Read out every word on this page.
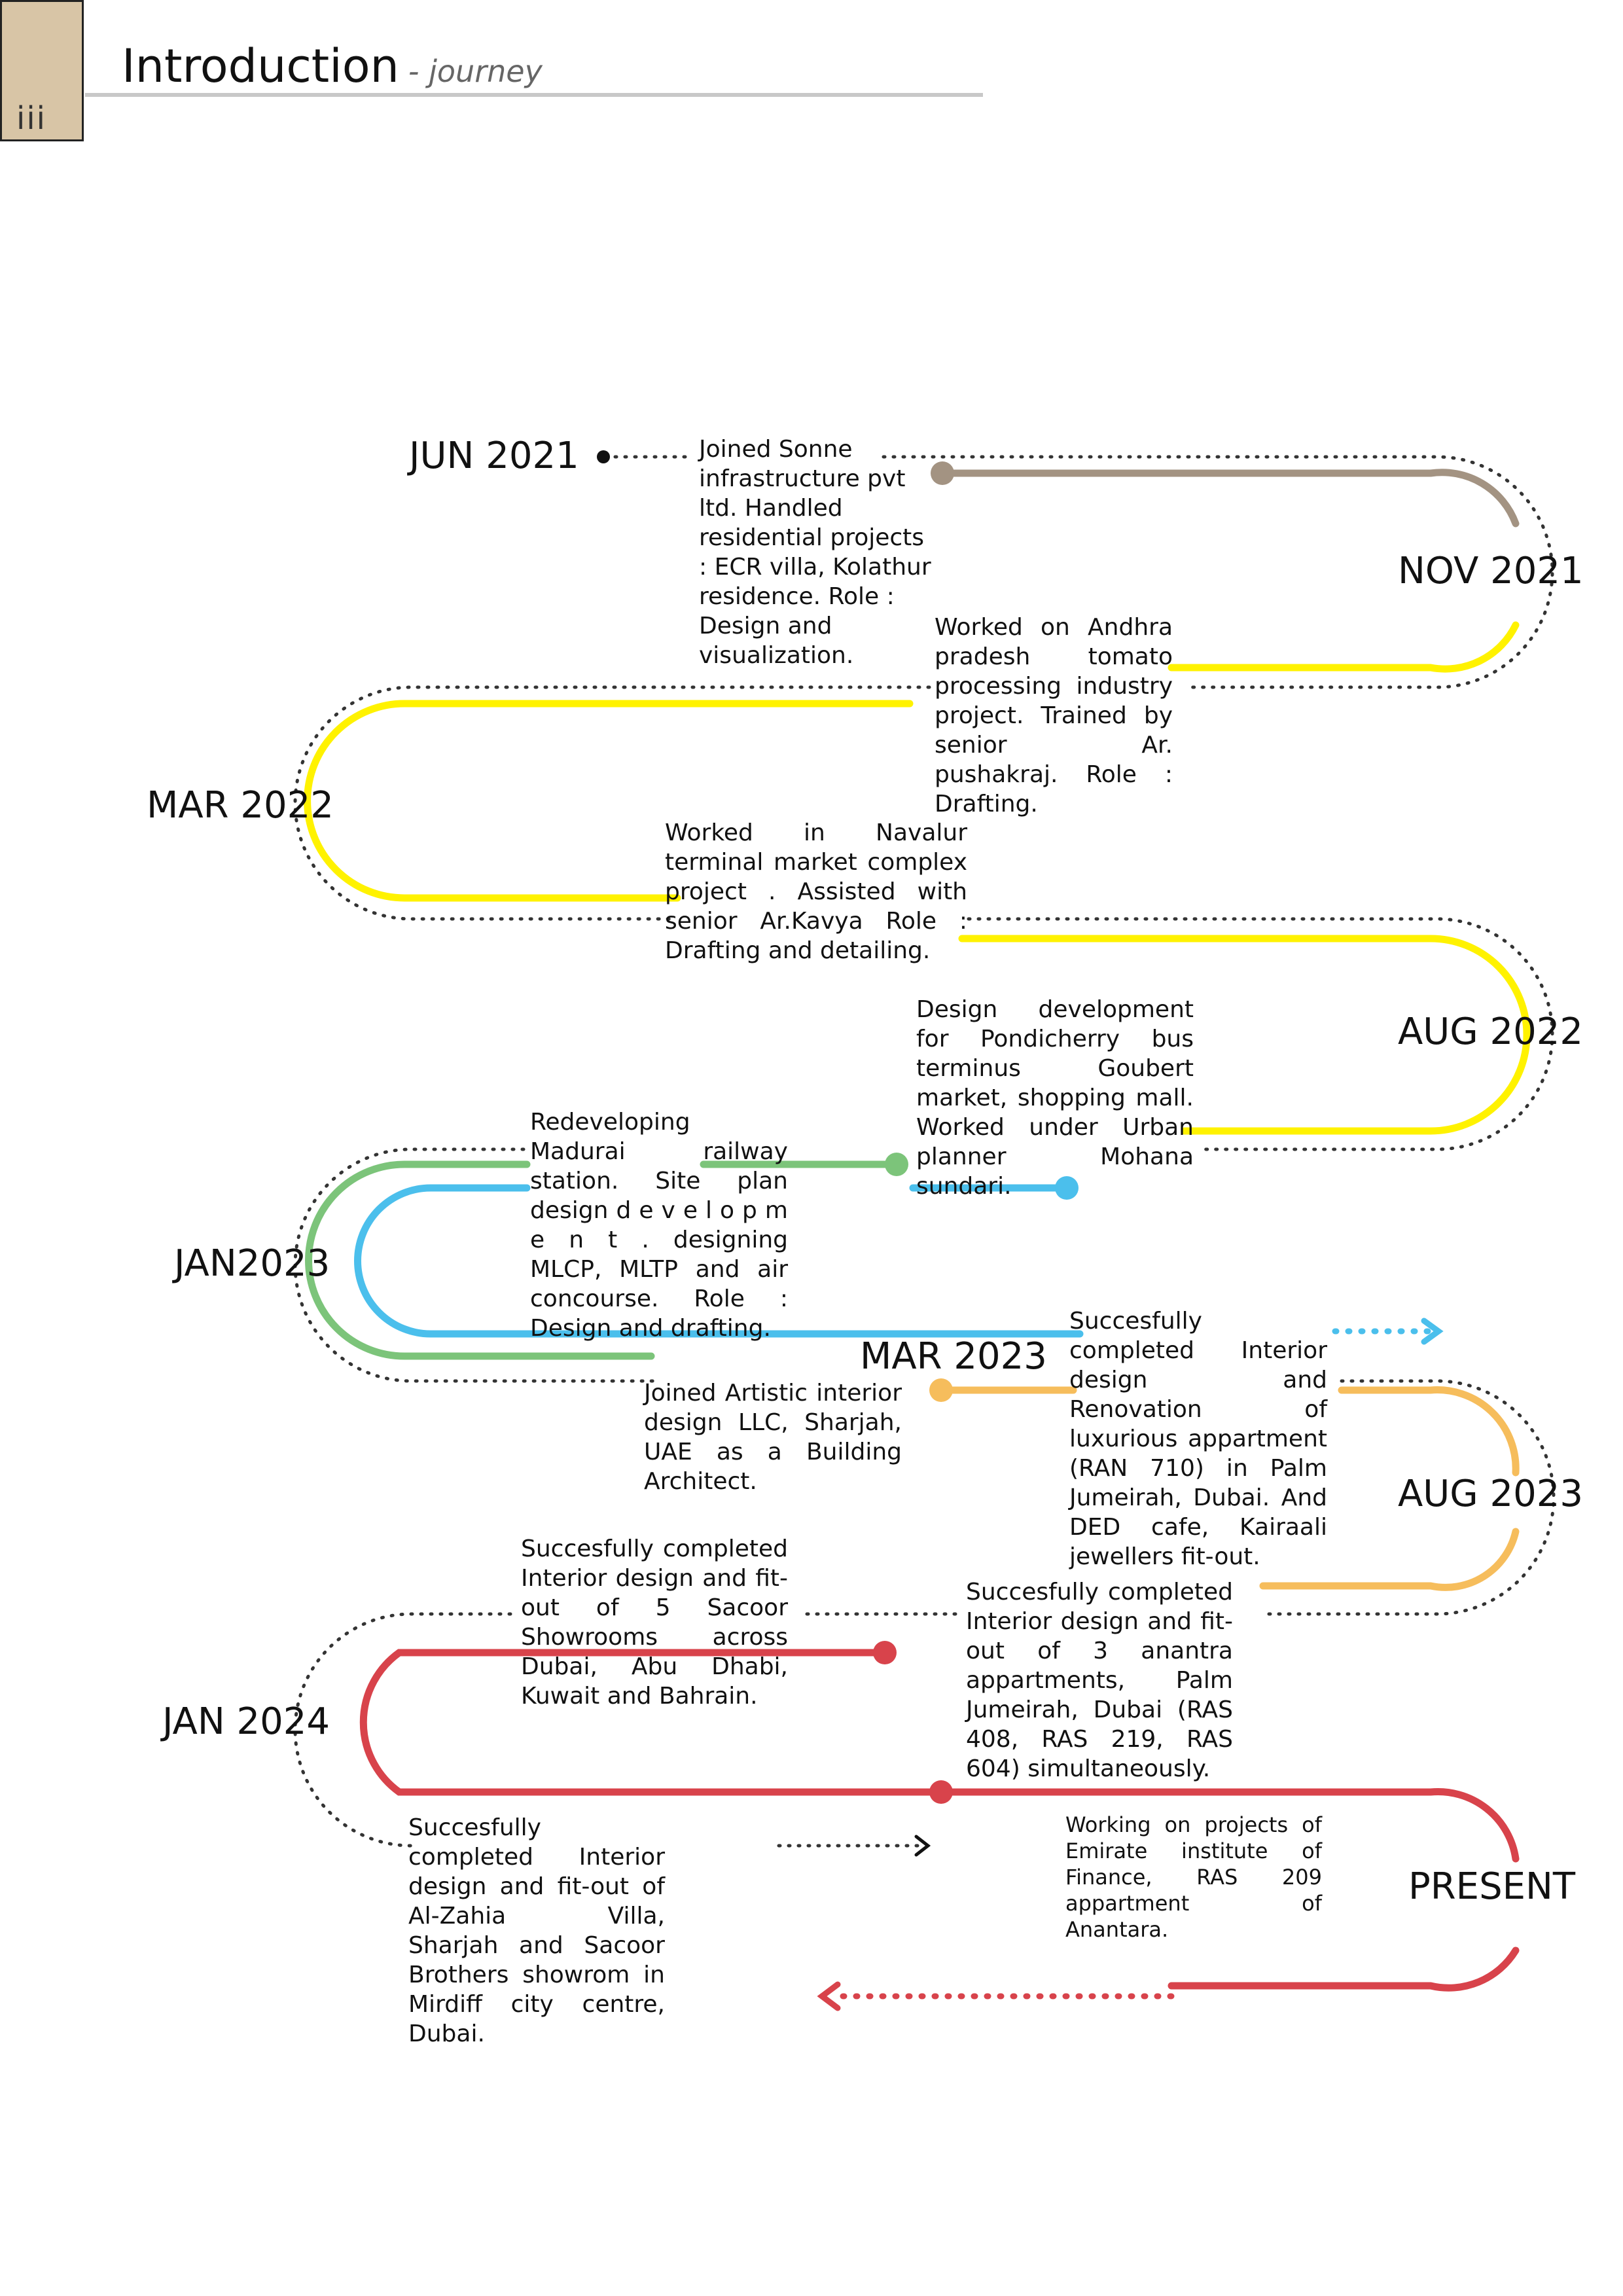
iii
Introduction - journey
JUN 2021
NOV 2021
MAR 2022
AUG 2022
JAN2023
MAR 2023
AUG 2023
JAN 2024
PRESENT
Joined Sonne infrastructure pvt ltd. Handled residential projects : ECR villa, Kolathur residence. Role : Design and visualization.
Worked on Andhra pradesh tomato processing industry project. Trained by senior Ar. pushakraj. Role : Drafting.
Worked in Navalur terminal market complex project . Assisted with senior Ar.Kavya Role : Drafting and detailing.
Design development for Pondicherry bus terminus Goubert market, shopping mall. Worked under Urban planner Mohana sundari.
Redeveloping Madurai railway station. Site plan design d e v e l o p m e n t . designing MLCP, MLTP and air concourse. Role : Design and drafting.
Joined Artistic interior design LLC, Sharjah, UAE as a Building Architect.
Succesfully completed Interior design and Renovation of luxurious appartment (RAN 710) in Palm Jumeirah, Dubai. And DED cafe, Kairaali jewellers fit-out.
Succesfully completed Interior design and fit-out of 5 Sacoor Showrooms across Dubai, Abu Dhabi, Kuwait and Bahrain.
Succesfully completed Interior design and fit-out of 3 anantra appartments, Palm Jumeirah, Dubai (RAS 408, RAS 219, RAS 604) simultaneously.
Succesfully completed Interior design and fit-out of Al-Zahia Villa, Sharjah and Sacoor Brothers showrom in Mirdiff city centre, Dubai.
Working on projects of Emirate institute of Finance, RAS 209 appartment of Anantara.
